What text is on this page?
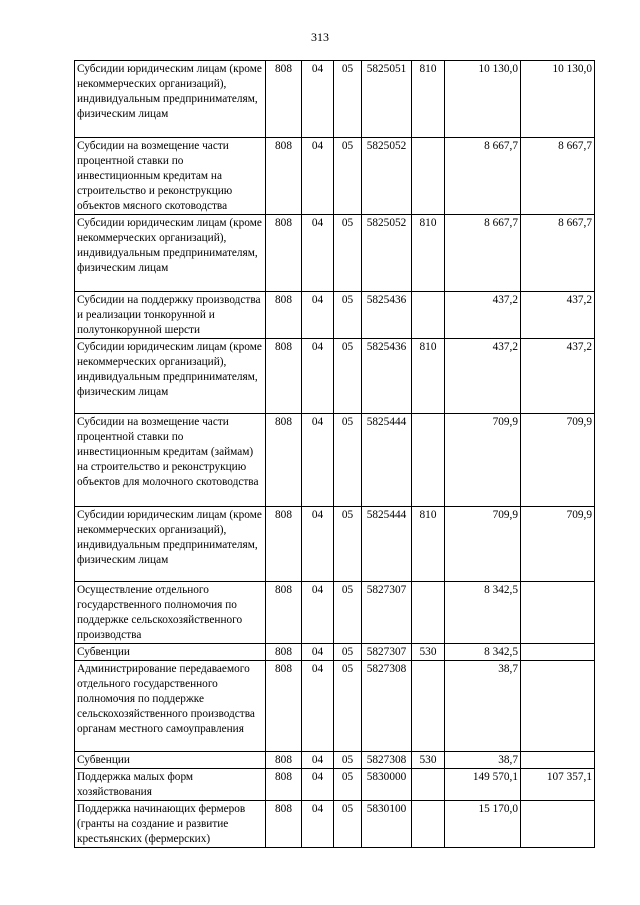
313
Субсидии юридическим лицам (кроме некоммерческих организаций), индивидуальным предпринимателям, физическим лицам	808	04	05	5825051	810	10 130,0	10 130,0
Субсидии на возмещение части процентной ставки по инвестиционным кредитам на строительство и реконструкцию объектов мясного скотоводства	808	04	05	5825052		8 667,7	8 667,7
Субсидии юридическим лицам (кроме некоммерческих организаций), индивидуальным предпринимателям, физическим лицам	808	04	05	5825052	810	8 667,7	8 667,7
Субсидии на поддержку производства и реализации тонкорунной и полутонкорунной шерсти	808	04	05	5825436		437,2	437,2
Субсидии юридическим лицам (кроме некоммерческих организаций), индивидуальным предпринимателям, физическим лицам	808	04	05	5825436	810	437,2	437,2
Субсидии на возмещение части процентной ставки по инвестиционным кредитам (займам) на строительство и реконструкцию объектов для молочного скотоводства	808	04	05	5825444		709,9	709,9
Субсидии юридическим лицам (кроме некоммерческих организаций), индивидуальным предпринимателям, физическим лицам	808	04	05	5825444	810	709,9	709,9
Осуществление отдельного государственного полномочия по поддержке сельскохозяйственного производства	808	04	05	5827307		8 342,5	
Субвенции	808	04	05	5827307	530	8 342,5	
Администрирование передаваемого отдельного государственного полномочия по поддержке сельскохозяйственного производства органам местного самоуправления	808	04	05	5827308		38,7	
Субвенции	808	04	05	5827308	530	38,7	
Поддержка малых форм хозяйствования	808	04	05	5830000		149 570,1	107 357,1
Поддержка начинающих фермеров (гранты на создание и развитие крестьянских (фермерских)	808	04	05	5830100		15 170,0	
